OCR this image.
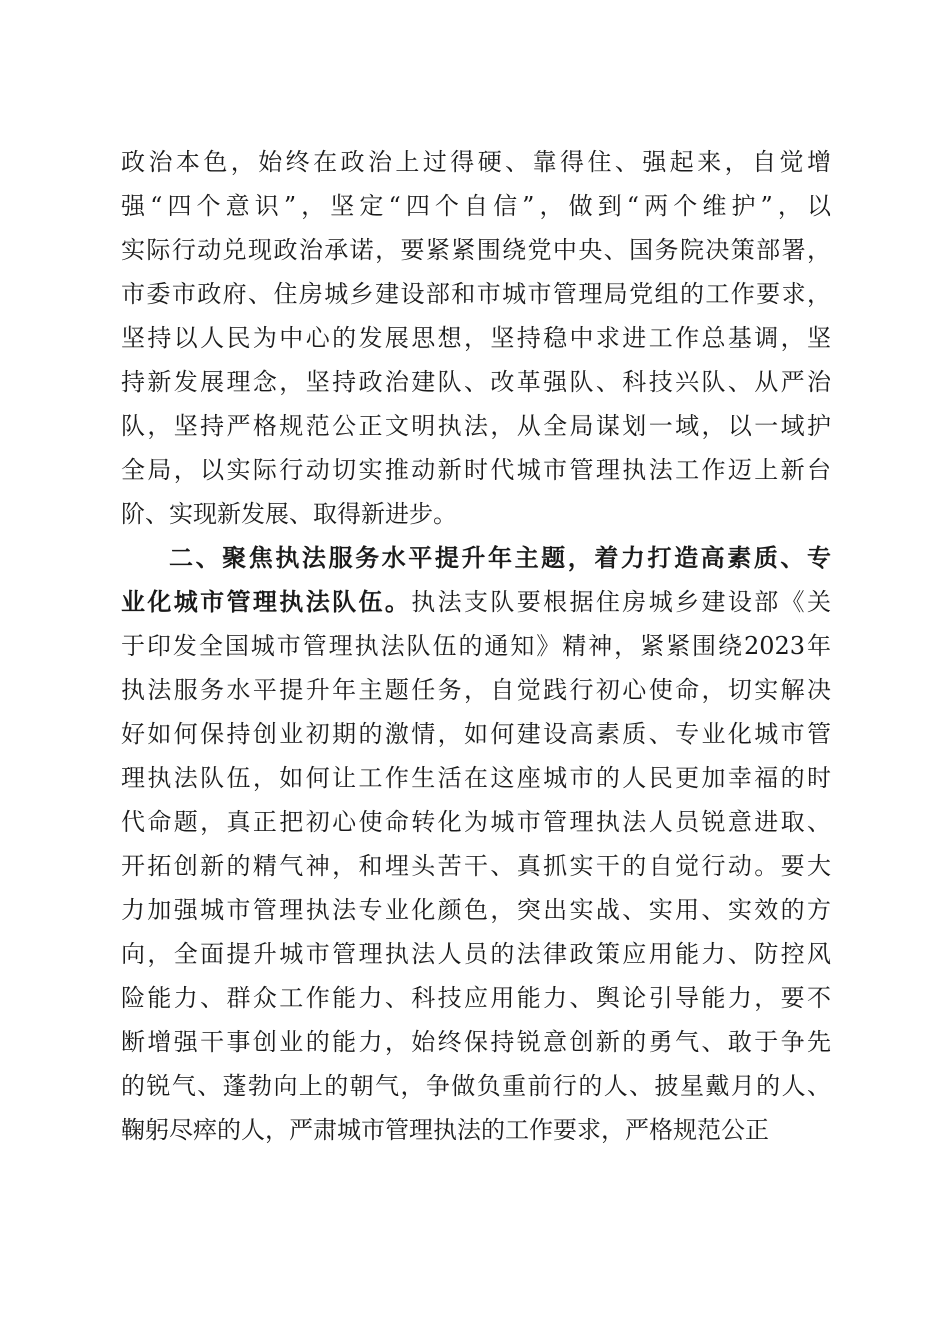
政治本色，始终在政治上过得硬、靠得住、强起来，自觉增
强“四个意识”，坚定“四个自信”，做到“两个维护”，以
实际行动兑现政治承诺，要紧紧围绕党中央、国务院决策部署，
市委市政府、住房城乡建设部和市城市管理局党组的工作要求，
坚持以人民为中心的发展思想，坚持稳中求进工作总基调，坚
持新发展理念，坚持政治建队、改革强队、科技兴队、从严治
队，坚持严格规范公正文明执法，从全局谋划一域，以一域护
全局，以实际行动切实推动新时代城市管理执法工作迈上新台
阶、实现新发展、取得新进步。
二、聚焦执法服务水平提升年主题，着力打造高素质、专
业化城市管理执法队伍。执法支队要根据住房城乡建设部《关
于印发全国城市管理执法队伍的通知》精神，紧紧围绕2023年
执法服务水平提升年主题任务，自觉践行初心使命，切实解决
好如何保持创业初期的激情，如何建设高素质、专业化城市管
理执法队伍，如何让工作生活在这座城市的人民更加幸福的时
代命题，真正把初心使命转化为城市管理执法人员锐意进取、
开拓创新的精气神，和埋头苦干、真抓实干的自觉行动。要大
力加强城市管理执法专业化颜色，突出实战、实用、实效的方
向，全面提升城市管理执法人员的法律政策应用能力、防控风
险能力、群众工作能力、科技应用能力、舆论引导能力，要不
断增强干事创业的能力，始终保持锐意创新的勇气、敢于争先
的锐气、蓬勃向上的朝气，争做负重前行的人、披星戴月的人、
鞠躬尽瘁的人，严肃城市管理执法的工作要求，严格规范公正
